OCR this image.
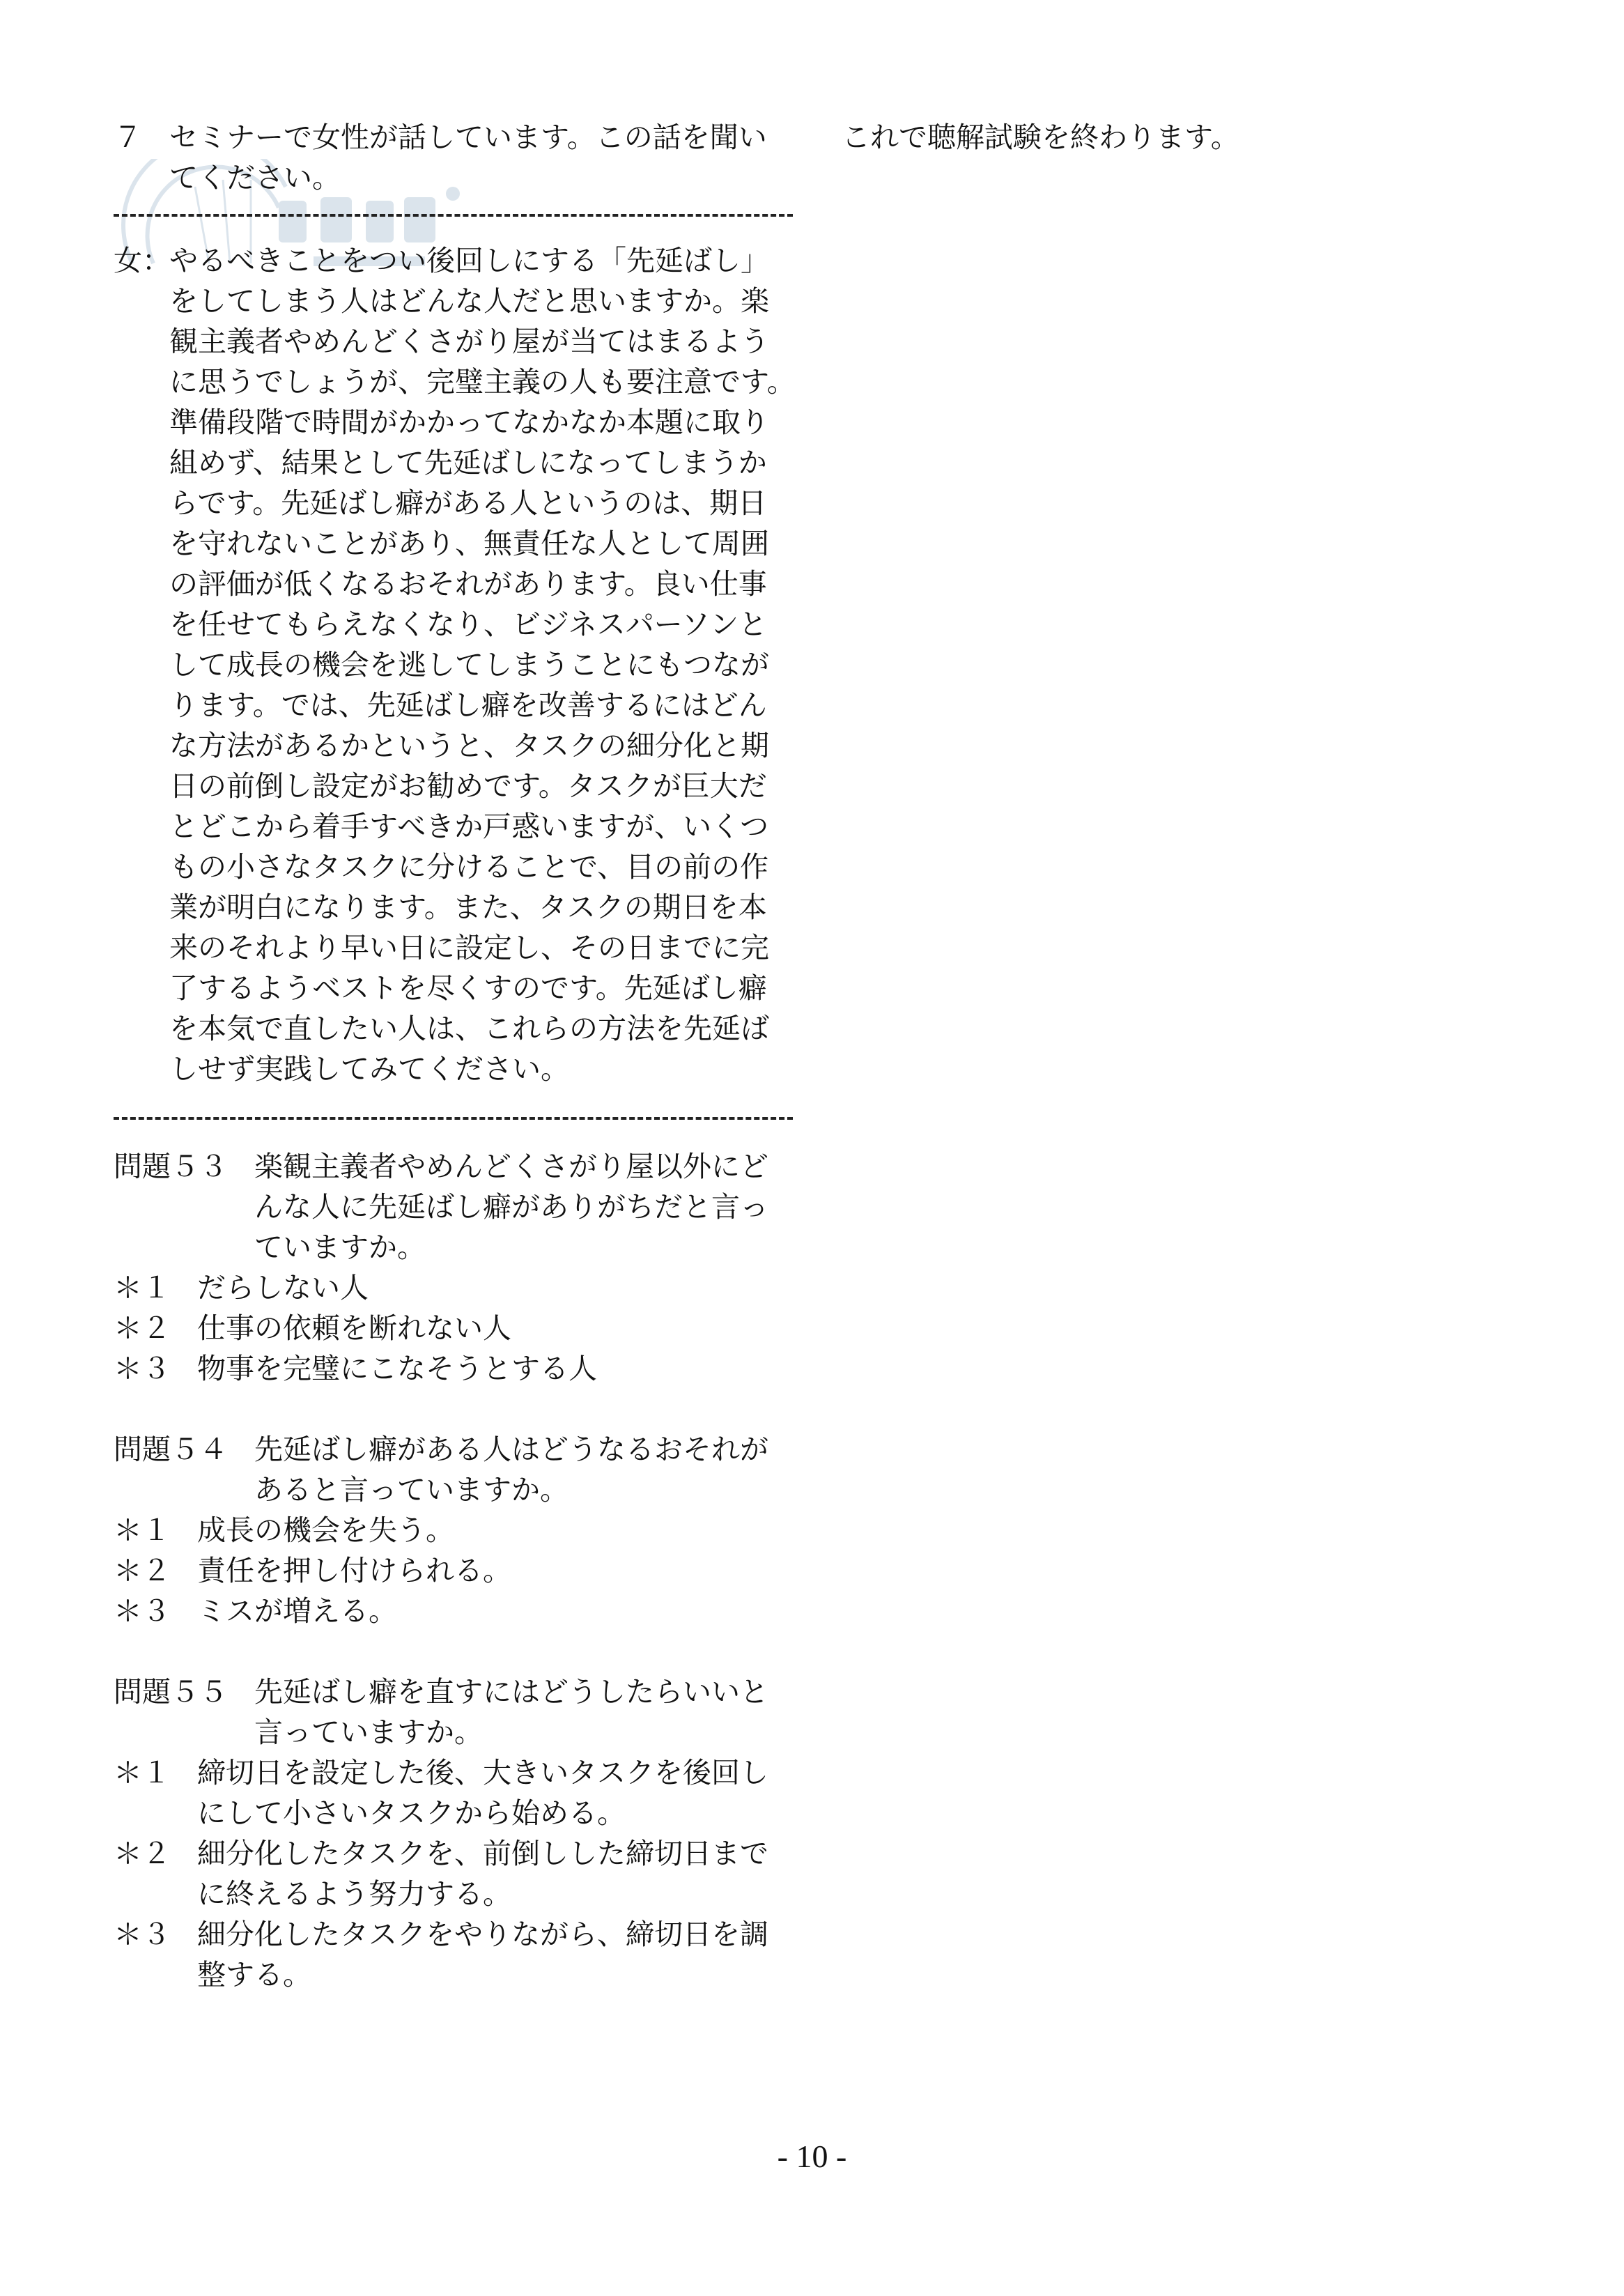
７ セミナーで女性が話しています。この話を聞い
てください。
女：
やるべきことをつい後回しにする「先延ばし」
をしてしまう人はどんな人だと思いますか。楽
観主義者やめんどくさがり屋が当てはまるよう
に思うでしょうが、完璧主義の人も要注意です。
準備段階で時間がかかってなかなか本題に取り
組めず、結果として先延ばしになってしまうか
らです。先延ばし癖がある人というのは、期日
を守れないことがあり、無責任な人として周囲
の評価が低くなるおそれがあります。良い仕事
を任せてもらえなくなり、ビジネスパーソンと
して成長の機会を逃してしまうことにもつなが
ります。では、先延ばし癖を改善するにはどん
な方法があるかというと、タスクの細分化と期
日の前倒し設定がお勧めです。タスクが巨大だ
とどこから着手すべきか戸惑いますが、いくつ
もの小さなタスクに分けることで、目の前の作
業が明白になります。また、タスクの期日を本
来のそれより早い日に設定し、その日までに完
了するようベストを尽くすのです。先延ばし癖
を本気で直したい人は、これらの方法を先延ば
しせず実践してみてください。
問題５３ 楽観主義者やめんどくさがり屋以外にど
んな人に先延ばし癖がありがちだと言っ
ていますか。
＊１ だらしない人
＊２ 仕事の依頼を断れない人
＊３ 物事を完璧にこなそうとする人
問題５４ 先延ばし癖がある人はどうなるおそれが
あると言っていますか。
＊１ 成長の機会を失う。
＊２ 責任を押し付けられる。
＊３ ミスが増える。
問題５５ 先延ばし癖を直すにはどうしたらいいと
言っていますか。
＊１ 締切日を設定した後、大きいタスクを後回し
にして小さいタスクから始める。
＊２ 細分化したタスクを、前倒しした締切日まで
に終えるよう努力する。
＊３ 細分化したタスクをやりながら、締切日を調
整する。
これで聴解試験を終わります。
- 10 -
